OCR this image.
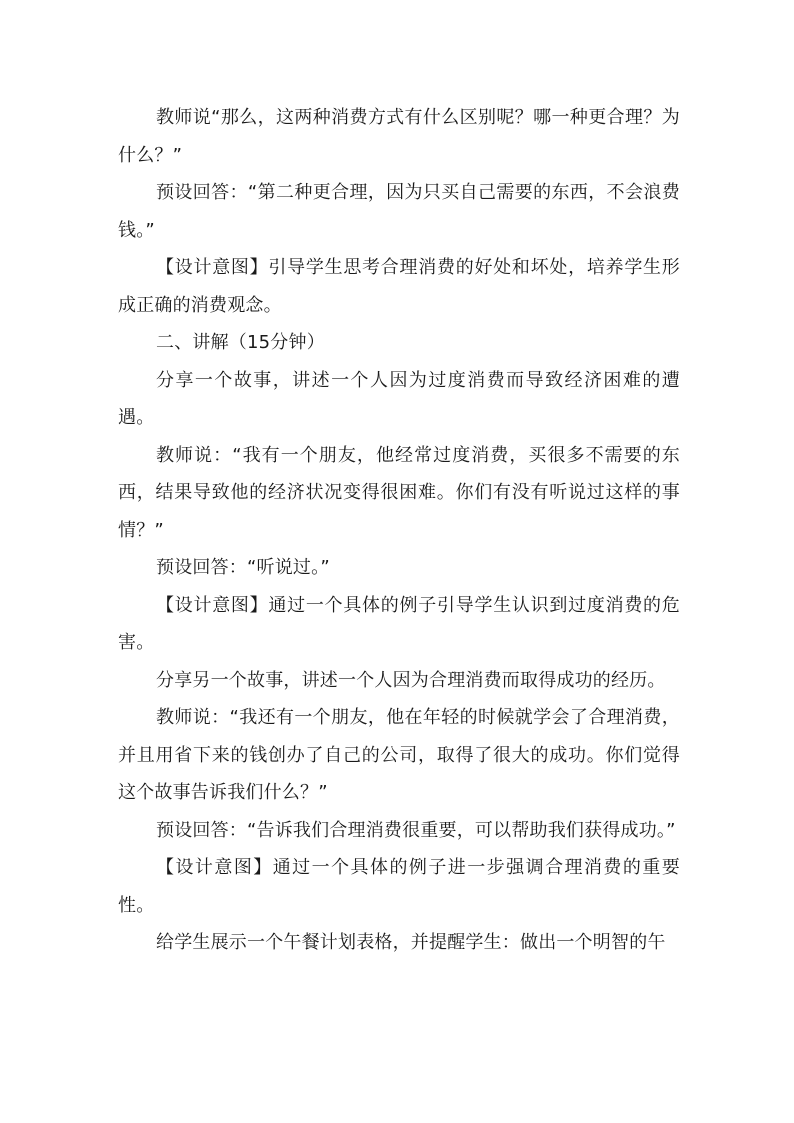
教师说“那么，这两种消费方式有什么区别呢？哪一种更合理？为什么？”

预设回答：“第二种更合理，因为只买自己需要的东西，不会浪费钱。”

【设计意图】引导学生思考合理消费的好处和坏处，培养学生形成正确的消费观念。

二、讲解（15分钟）

分享一个故事，讲述一个人因为过度消费而导致经济困难的遭遇。

教师说：“我有一个朋友，他经常过度消费，买很多不需要的东西，结果导致他的经济状况变得很困难。你们有没有听说过这样的事情？”

预设回答：“听说过。”

【设计意图】通过一个具体的例子引导学生认识到过度消费的危害。

分享另一个故事，讲述一个人因为合理消费而取得成功的经历。

教师说：“我还有一个朋友，他在年轻的时候就学会了合理消费，并且用省下来的钱创办了自己的公司，取得了很大的成功。你们觉得这个故事告诉我们什么？”

预设回答：“告诉我们合理消费很重要，可以帮助我们获得成功。”

【设计意图】通过一个具体的例子进一步强调合理消费的重要性。

给学生展示一个午餐计划表格，并提醒学生：做出一个明智的午
